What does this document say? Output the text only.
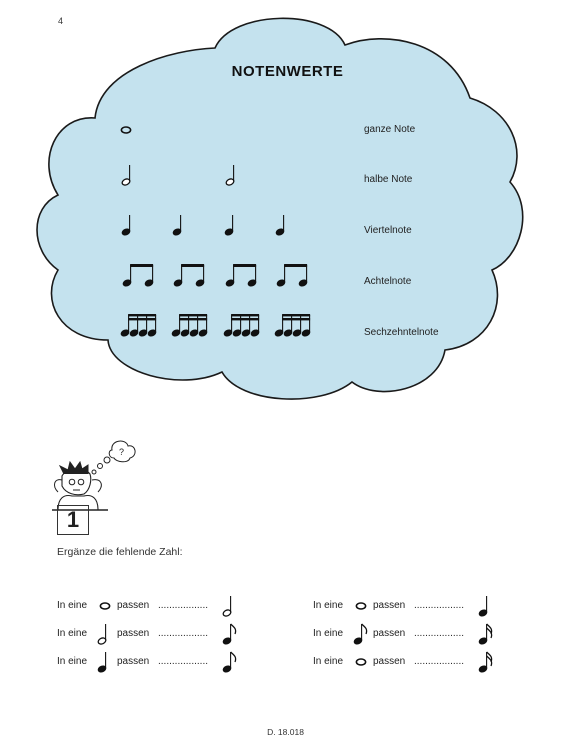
4
NOTENWERTE
ganze Note
halbe Note
Viertelnote
Achtelnote
Sechzehntelnote
?
1
Ergänze die fehlende Zahl:
In eine	passen ..................
In eine	passen ..................
In eine	passen ..................
In eine	passen ..................
In eine	passen ..................
In eine	passen ..................
D. 18.018
